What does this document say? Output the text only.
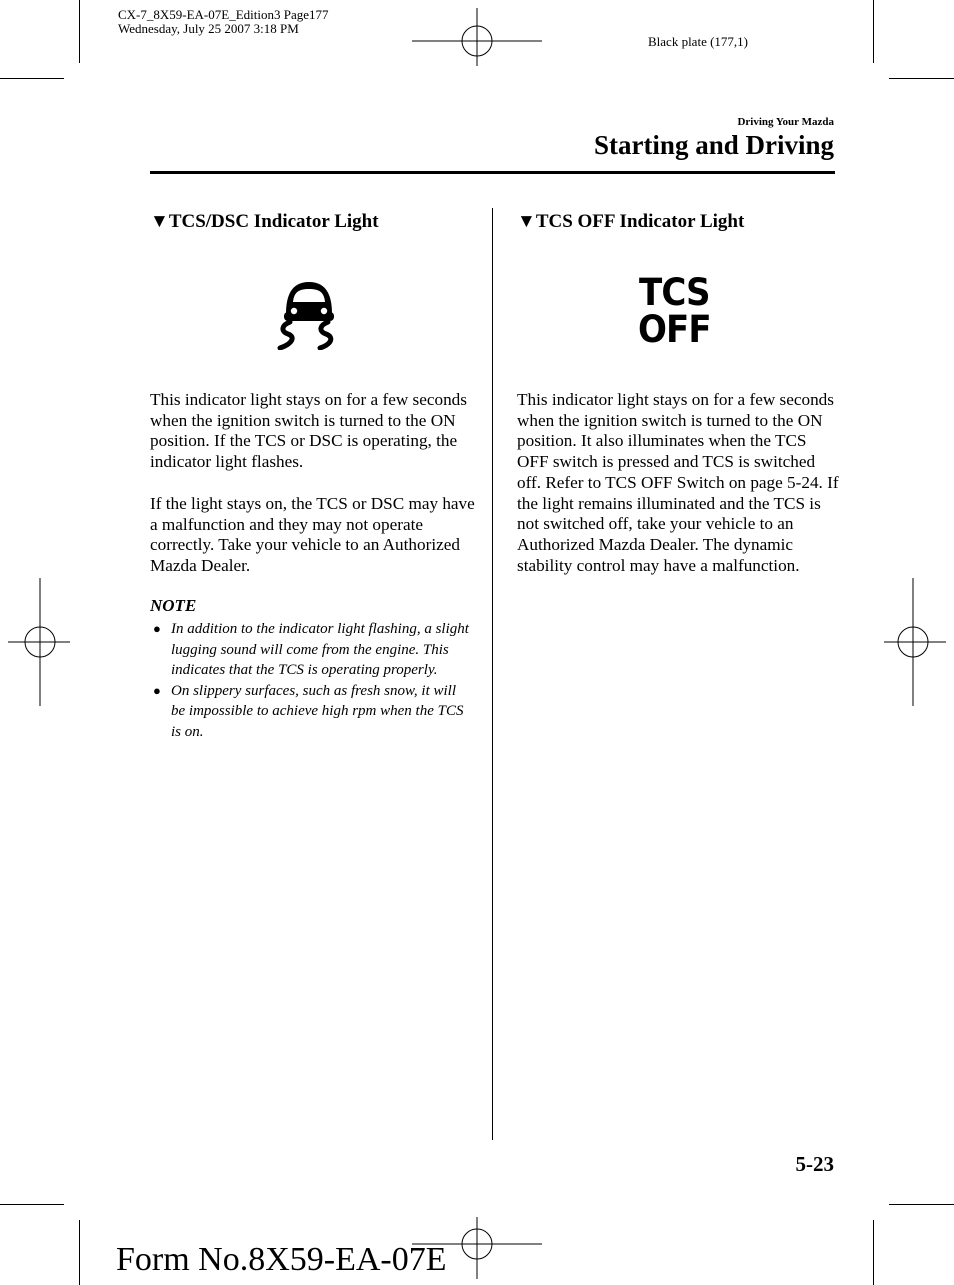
CX-7_8X59-EA-07E_Edition3 Page177
Wednesday, July 25 2007 3:18 PM
Black plate (177,1)
Driving Your Mazda
Starting and Driving
▼TCS/DSC Indicator Light
This indicator light stays on for a few seconds when the ignition switch is turned to the ON position. If the TCS or DSC is operating, the indicator light flashes.
If the light stays on, the TCS or DSC may have a malfunction and they may not operate correctly. Take your vehicle to an Authorized Mazda Dealer.
NOTE
● In addition to the indicator light flashing, a slight lugging sound will come from the engine. This indicates that the TCS is operating properly.
● On slippery surfaces, such as fresh snow, it will be impossible to achieve high rpm when the TCS is on.
▼TCS OFF Indicator Light
TCS
OFF
This indicator light stays on for a few seconds when the ignition switch is turned to the ON position. It also illuminates when the TCS OFF switch is pressed and TCS is switched off. Refer to TCS OFF Switch on page 5-24. If the light remains illuminated and the TCS is not switched off, take your vehicle to an Authorized Mazda Dealer. The dynamic stability control may have a malfunction.
5-23
Form No.8X59-EA-07E
